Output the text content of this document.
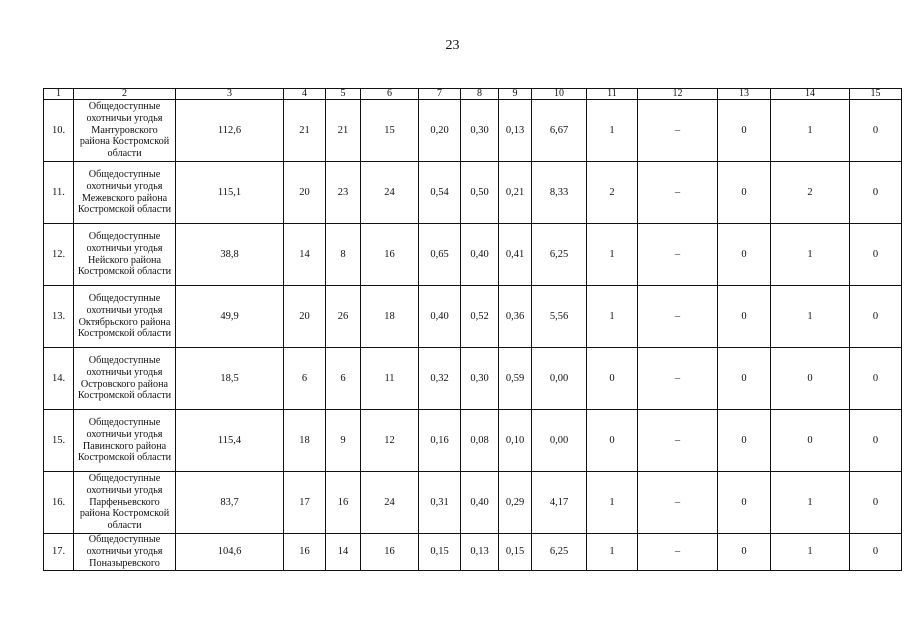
23
1	2	3	4	5	6	7	8	9	10	11	12	13	14	15
10.	Общедоступные охотничьи угодья Мантуровского района Костромской области	112,6	21	21	15	0,20	0,30	0,13	6,67	1	–	0	1	0
11.	Общедоступные охотничьи угодья Межевского района Костромской области	115,1	20	23	24	0,54	0,50	0,21	8,33	2	–	0	2	0
12.	Общедоступные охотничьи угодья Нейского района Костромской области	38,8	14	8	16	0,65	0,40	0,41	6,25	1	–	0	1	0
13.	Общедоступные охотничьи угодья Октябрьского района Костромской области	49,9	20	26	18	0,40	0,52	0,36	5,56	1	–	0	1	0
14.	Общедоступные охотничьи угодья Островского района Костромской области	18,5	6	6	11	0,32	0,30	0,59	0,00	0	–	0	0	0
15.	Общедоступные охотничьи угодья Павинского района Костромской области	115,4	18	9	12	0,16	0,08	0,10	0,00	0	–	0	0	0
16.	Общедоступные охотничьи угодья Парфеньевского района Костромской области	83,7	17	16	24	0,31	0,40	0,29	4,17	1	–	0	1	0
17.	Общедоступные охотничьи угодья Поназыревского	104,6	16	14	16	0,15	0,13	0,15	6,25	1	–	0	1	0
